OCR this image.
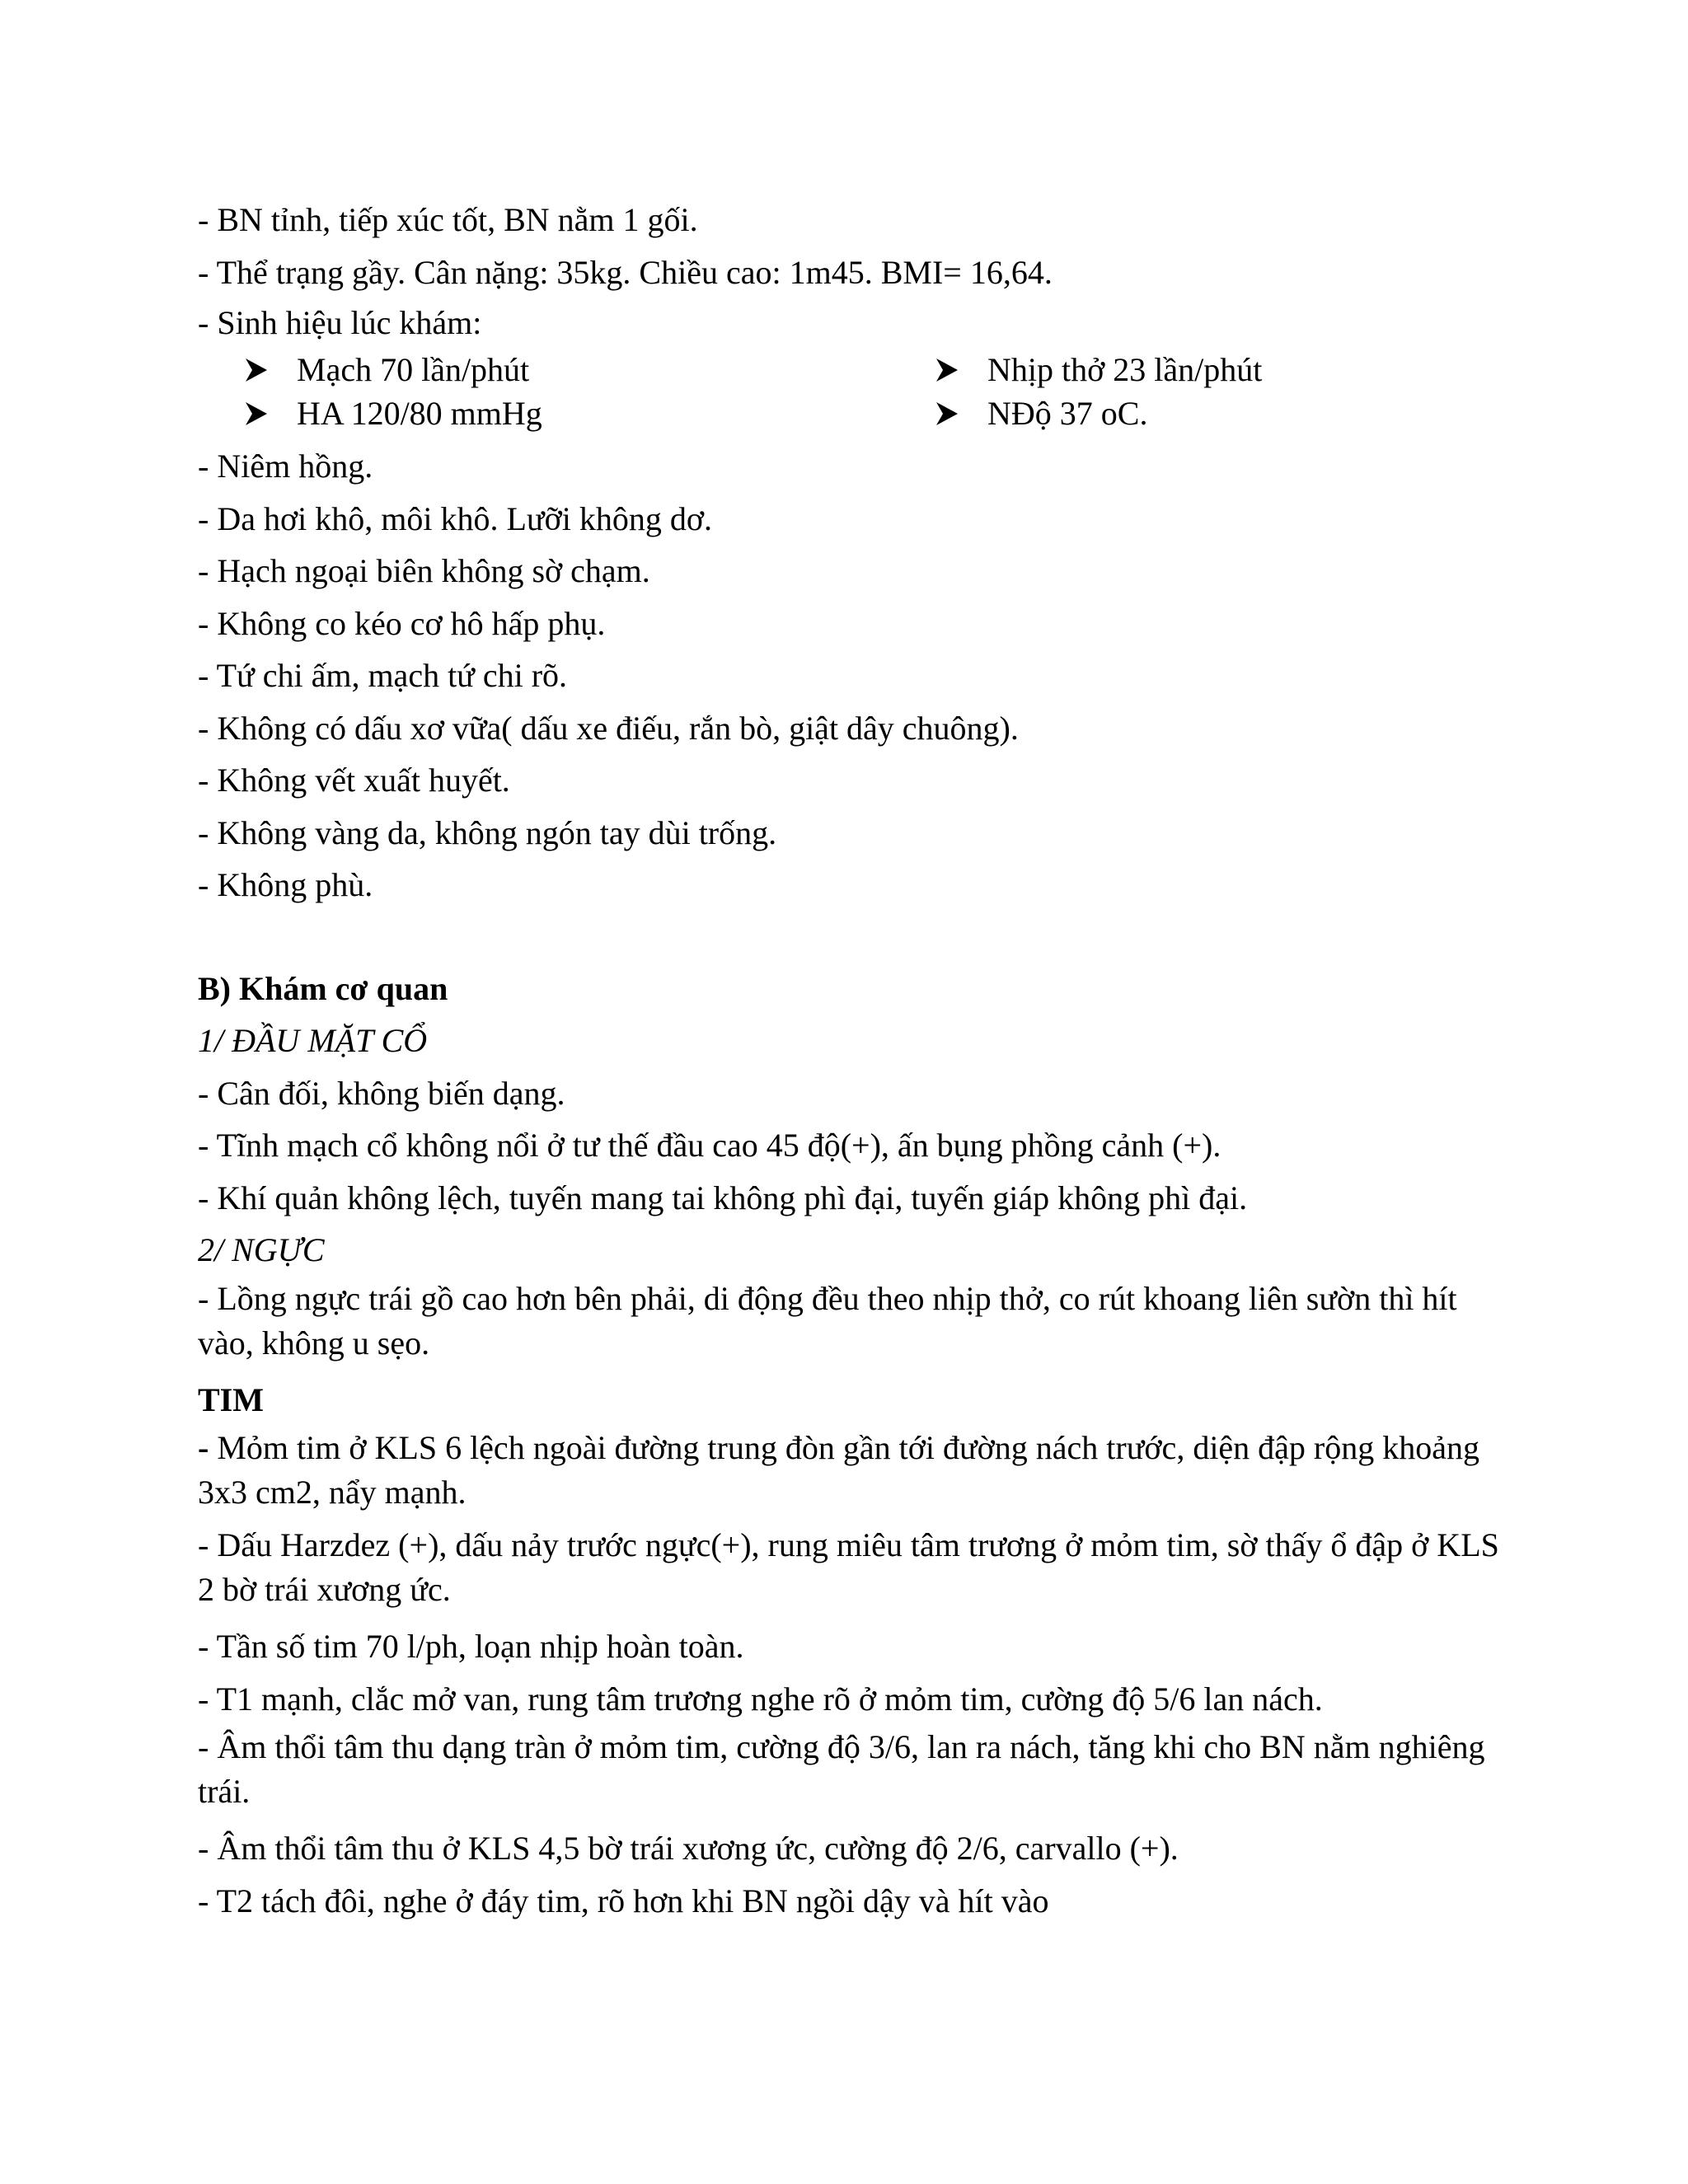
- BN tỉnh, tiếp xúc tốt, BN nằm 1 gối.

- Thể trạng gầy. Cân nặng: 35kg. Chiều cao: 1m45. BMI= 16,64.

- Sinh hiệu lúc khám:

Mạch 70 lần/phút	Nhịp thở 23 lần/phút
HA 120/80 mmHg	NĐộ 37 oC.

- Niêm hồng.

- Da hơi khô, môi khô. Lưỡi không dơ.

- Hạch ngoại biên không sờ chạm.

- Không co kéo cơ hô hấp phụ.

- Tứ chi ấm, mạch tứ chi rõ.

- Không có dấu xơ vữa( dấu xe điếu, rắn bò, giật dây chuông).

- Không vết xuất huyết.

- Không vàng da, không ngón tay dùi trống.

- Không phù.

B) Khám cơ quan

1/ ĐẦU MẶT CỔ

- Cân đối, không biến dạng.

- Tĩnh mạch cổ không nổi ở tư thế đầu cao 45 độ(+), ấn bụng phồng cảnh (+).

- Khí quản không lệch, tuyến mang tai không phì đại, tuyến giáp không phì đại.

2/ NGỰC

- Lồng ngực trái gồ cao hơn bên phải, di động đều theo nhịp thở, co rút khoang liên sườn thì hít vào, không u sẹo.

TIM

- Mỏm tim ở KLS 6 lệch ngoài đường trung đòn gần tới đường nách trước, diện đập rộng khoảng 3x3 cm2, nẩy mạnh.

- Dấu Harzdez (+), dấu nảy trước ngực(+), rung miêu tâm trương ở mỏm tim, sờ thấy ổ đập ở KLS 2 bờ trái xương ức.

- Tần số tim 70 l/ph, loạn nhịp hoàn toàn.

- T1 mạnh, clắc mở van, rung tâm trương nghe rõ ở mỏm tim, cường độ 5/6 lan nách.

- Âm thổi tâm thu dạng tràn ở mỏm tim, cường độ 3/6, lan ra nách, tăng khi cho BN nằm nghiêng trái.

- Âm thổi tâm thu ở KLS 4,5 bờ trái xương ức, cường độ 2/6, carvallo (+).

- T2 tách đôi, nghe ở đáy tim, rõ hơn khi BN ngồi dậy và hít vào
